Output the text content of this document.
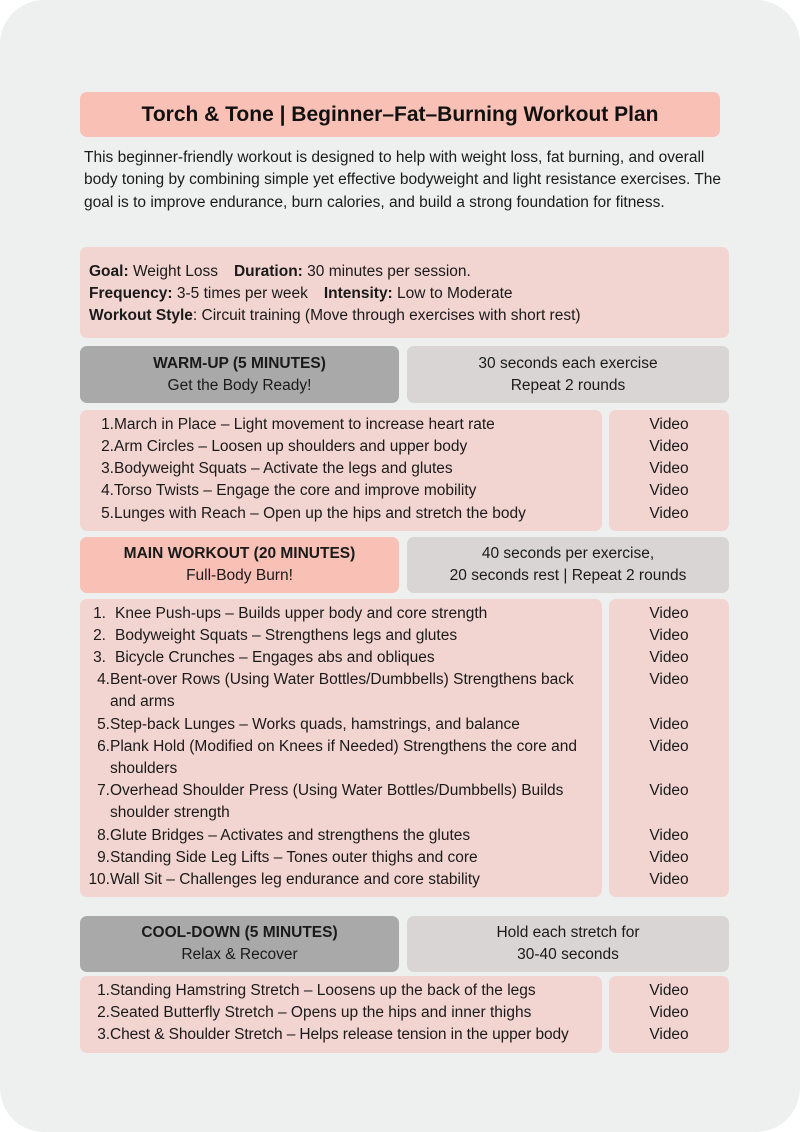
Torch & Tone | Beginner–Fat–Burning Workout Plan

This beginner-friendly workout is designed to help with weight loss, fat burning, and overall body toning by combining simple yet effective bodyweight and light resistance exercises. The goal is to improve endurance, burn calories, and build a strong foundation for fitness.

Goal: Weight Loss Duration: 30 minutes per session.
Frequency: 3-5 times per week Intensity: Low to Moderate
Workout Style: Circuit training (Move through exercises with short rest)
WARM-UP (5 MINUTES)
Get the Body Ready!
30 seconds each exercise
Repeat 2 rounds
1. March in Place – Light movement to increase heart rate
2. Arm Circles – Loosen up shoulders and upper body
3. Bodyweight Squats – Activate the legs and glutes
4. Torso Twists – Engage the core and improve mobility
5. Lunges with Reach – Open up the hips and stretch the body
Video
Video
Video
Video
Video
MAIN WORKOUT (20 MINUTES)
Full-Body Burn!
40 seconds per exercise,
20 seconds rest | Repeat 2 rounds
1. Knee Push-ups – Builds upper body and core strength
2. Bodyweight Squats – Strengthens legs and glutes
3. Bicycle Crunches – Engages abs and obliques
4. Bent-over Rows (Using Water Bottles/Dumbbells) Strengthens back and arms
5. Step-back Lunges – Works quads, hamstrings, and balance
6. Plank Hold (Modified on Knees if Needed) Strengthens the core and shoulders
7. Overhead Shoulder Press (Using Water Bottles/Dumbbells) Builds shoulder strength
8. Glute Bridges – Activates and strengthens the glutes
9. Standing Side Leg Lifts – Tones outer thighs and core
10. Wall Sit – Challenges leg endurance and core stability
Video
Video
Video
Video
Video
Video
Video
Video
Video
Video
COOL-DOWN (5 MINUTES)
Relax & Recover
Hold each stretch for
30-40 seconds
1. Standing Hamstring Stretch – Loosens up the back of the legs
2. Seated Butterfly Stretch – Opens up the hips and inner thighs
3. Chest & Shoulder Stretch – Helps release tension in the upper body
Video
Video
Video
